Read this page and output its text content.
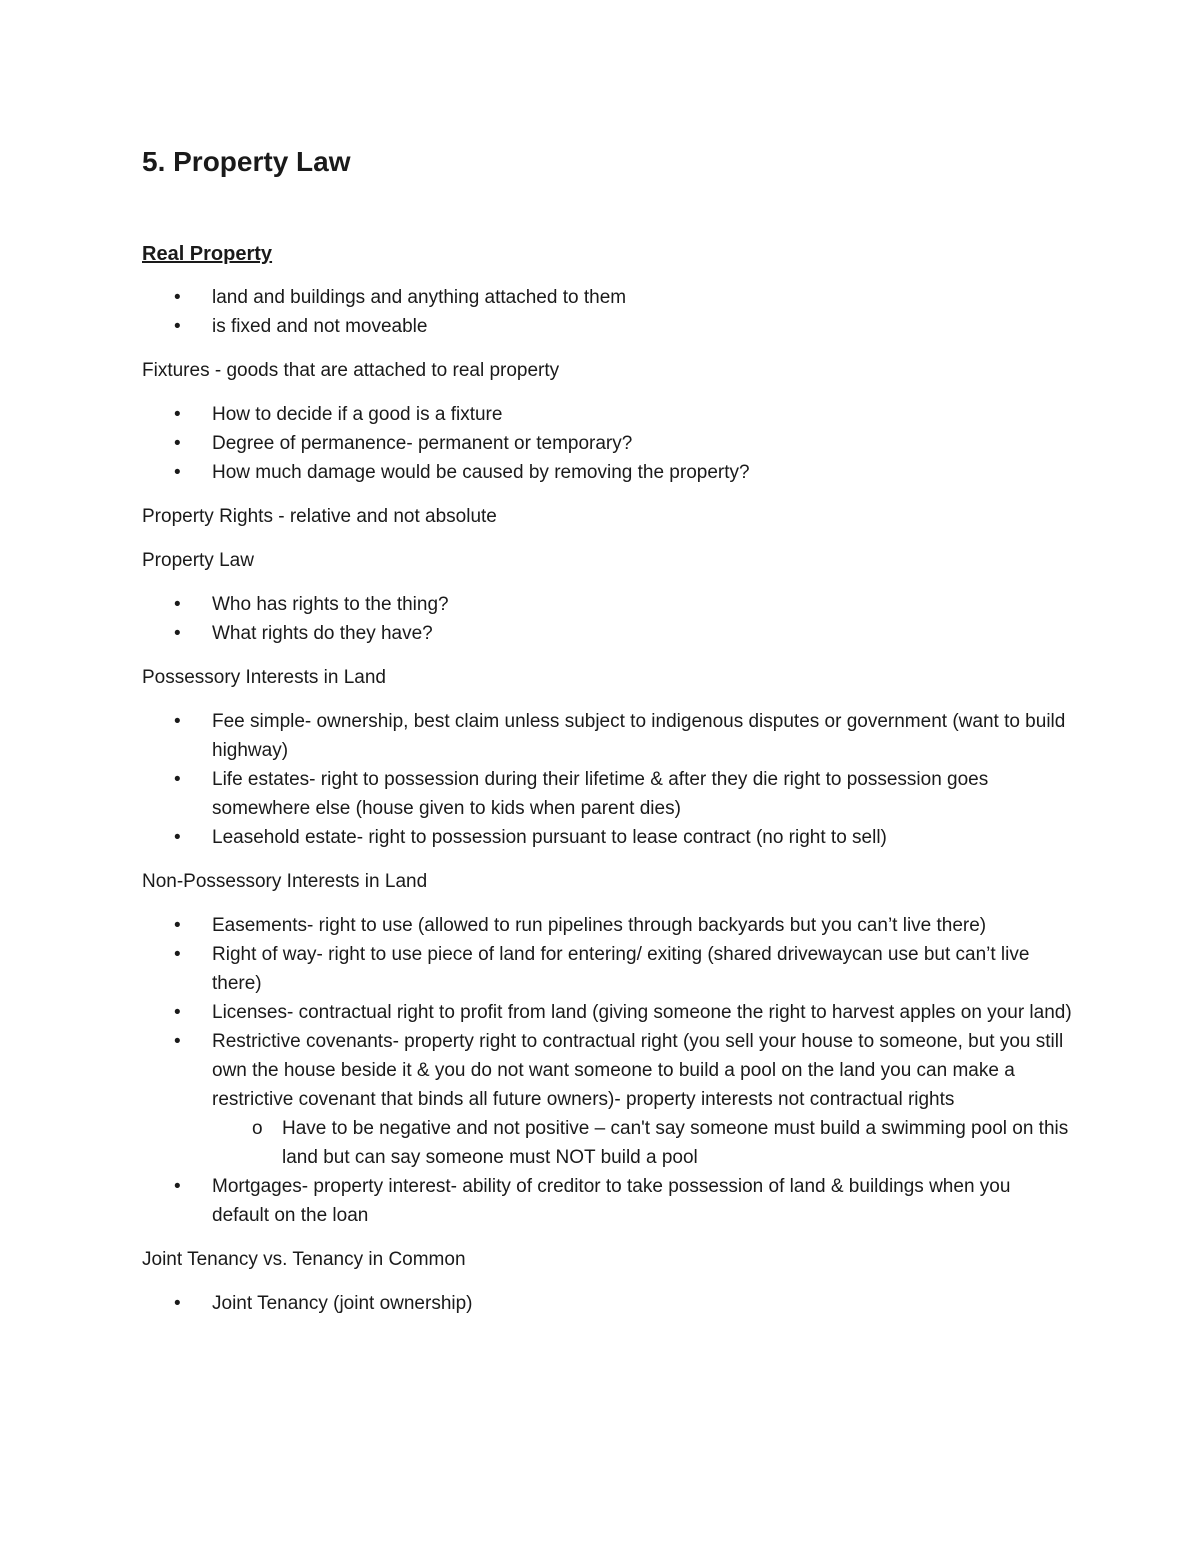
5. Property Law

Real Property

• land and buildings and anything attached to them
• is fixed and not moveable

Fixtures - goods that are attached to real property

• How to decide if a good is a fixture
• Degree of permanence- permanent or temporary?
• How much damage would be caused by removing the property?

Property Rights - relative and not absolute

Property Law

• Who has rights to the thing?
• What rights do they have?

Possessory Interests in Land

• Fee simple- ownership, best claim unless subject to indigenous disputes or government (want to build highway)
• Life estates- right to possession during their lifetime & after they die right to possession goes somewhere else (house given to kids when parent dies)
• Leasehold estate- right to possession pursuant to lease contract (no right to sell)

Non-Possessory Interests in Land

• Easements- right to use (allowed to run pipelines through backyards but you can’t live there)
• Right of way- right to use piece of land for entering/ exiting (shared drivewaycan use but can’t live there)
• Licenses- contractual right to profit from land (giving someone the right to harvest apples on your land)
• Restrictive covenants- property right to contractual right (you sell your house to someone, but you still own the house beside it & you do not want someone to build a pool on the land you can make a restrictive covenant that binds all future owners)- property interests not contractual rights
o Have to be negative and not positive – can't say someone must build a swimming pool on this land but can say someone must NOT build a pool
• Mortgages- property interest- ability of creditor to take possession of land & buildings when you default on the loan

Joint Tenancy vs. Tenancy in Common

• Joint Tenancy (joint ownership)
